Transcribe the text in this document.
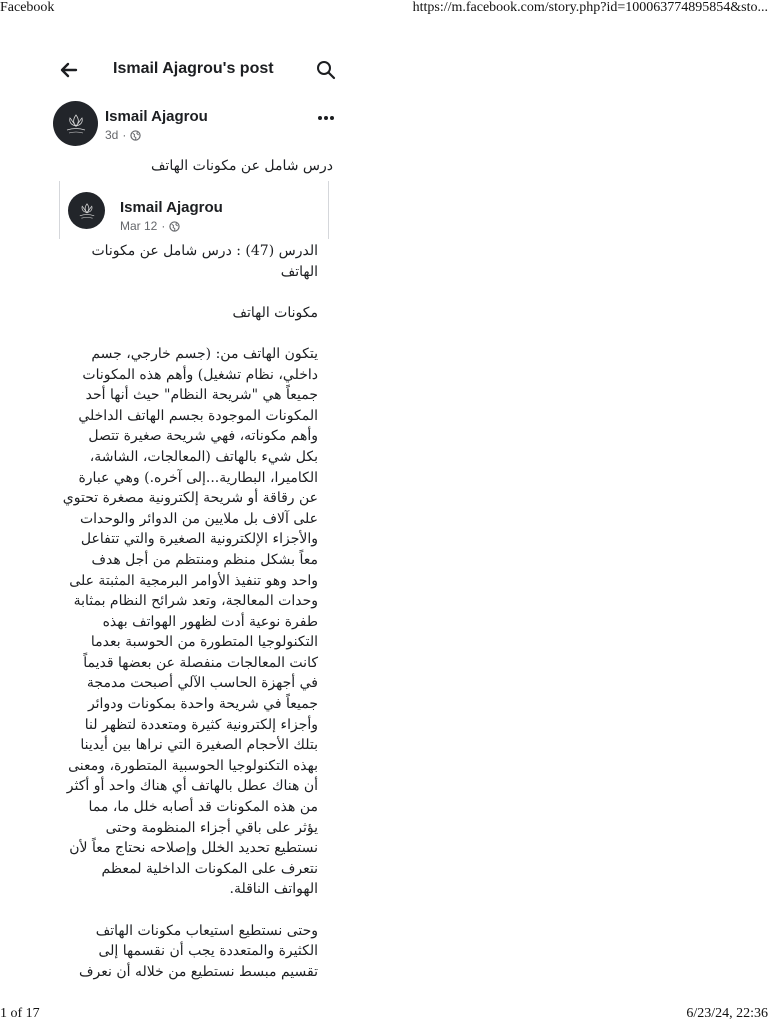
Facebook	https://m.facebook.com/story.php?id=100063774895854&sto...
Ismail Ajagrou's post
Ismail Ajagrou
3d ·
درس شامل عن مكونات الهاتف
Ismail Ajagrou
Mar 12 ·

الدرس (47) : درس شامل عن مكونات الهاتف

مكونات الهاتف

يتكون الهاتف من: (جسم خارجي، جسم داخلي، نظام تشغيل) وأهم هذه المكونات جميعاً هي "شريحة النظام" حيث أنها أحد المكونات الموجودة بجسم الهاتف الداخلي وأهم مكوناته، فهي شريحة صغيرة تتصل بكل شيء بالهاتف (المعالجات، الشاشة، الكاميرا، البطارية...إلى آخره.) وهي عبارة عن رقاقة أو شريحة إلكترونية مصغرة تحتوي على آلاف بل ملايين من الدوائر والوحدات والأجزاء الإلكترونية الصغيرة والتي تتفاعل معاً بشكل منظم ومنتظم من أجل هدف واحد وهو تنفيذ الأوامر البرمجية المثبتة على وحدات المعالجة، وتعد شرائح النظام بمثابة طفرة نوعية أدت لظهور الهواتف بهذه التكنولوجيا المتطورة من الحوسبة بعدما كانت المعالجات منفصلة عن بعضها قديماً في أجهزة الحاسب الآلي أصبحت مدمجة جميعاً في شريحة واحدة بمكونات ودوائر وأجزاء إلكترونية كثيرة ومتعددة لتظهر لنا بتلك الأحجام الصغيرة التي نراها بين أيدينا بهذه التكنولوجيا الحوسبية المتطورة، ومعنى أن هناك عطل بالهاتف أي هناك واحد أو أكثر من هذه المكونات قد أصابه خلل ما، مما يؤثر على باقي أجزاء المنظومة وحتى نستطيع تحديد الخلل وإصلاحه نحتاج معاً لأن نتعرف على المكونات الداخلية لمعظم الهواتف الناقلة.

وحتى نستطيع استيعاب مكونات الهاتف الكثيرة والمتعددة يجب أن نقسمها إلى تقسيم مبسط نستطيع من خلاله أن نعرف

1 of 17	6/23/24, 22:36
